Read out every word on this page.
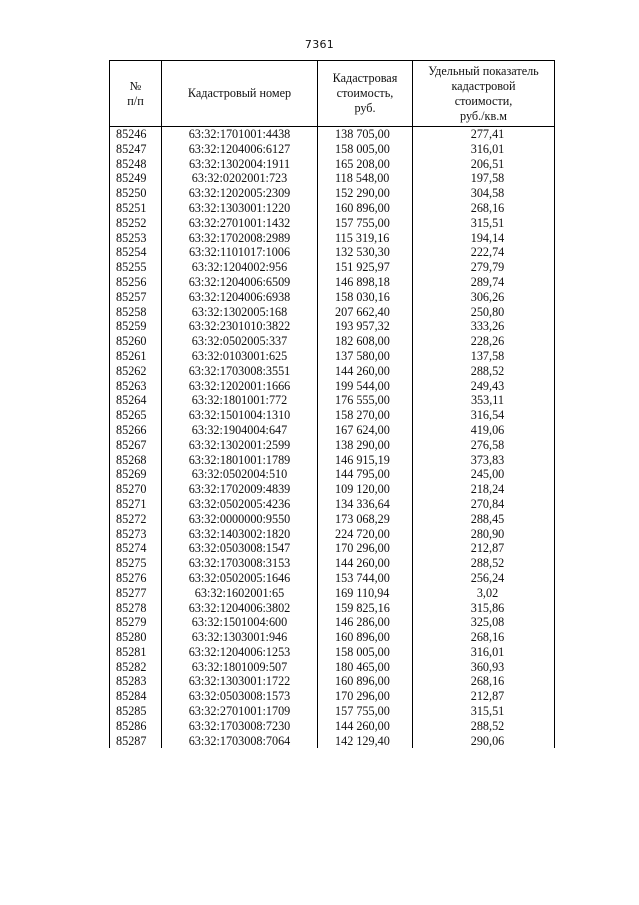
7361
№
п/п	Кадастровый номер	Кадастровая
стоимость,
руб.	Удельный показатель
кадастровой
стоимости,
руб./кв.м
85246	63:32:1701001:4438	138 705,00	277,41
85247	63:32:1204006:6127	158 005,00	316,01
85248	63:32:1302004:1911	165 208,00	206,51
85249	63:32:0202001:723	118 548,00	197,58
85250	63:32:1202005:2309	152 290,00	304,58
85251	63:32:1303001:1220	160 896,00	268,16
85252	63:32:2701001:1432	157 755,00	315,51
85253	63:32:1702008:2989	115 319,16	194,14
85254	63:32:1101017:1006	132 530,30	222,74
85255	63:32:1204002:956	151 925,97	279,79
85256	63:32:1204006:6509	146 898,18	289,74
85257	63:32:1204006:6938	158 030,16	306,26
85258	63:32:1302005:168	207 662,40	250,80
85259	63:32:2301010:3822	193 957,32	333,26
85260	63:32:0502005:337	182 608,00	228,26
85261	63:32:0103001:625	137 580,00	137,58
85262	63:32:1703008:3551	144 260,00	288,52
85263	63:32:1202001:1666	199 544,00	249,43
85264	63:32:1801001:772	176 555,00	353,11
85265	63:32:1501004:1310	158 270,00	316,54
85266	63:32:1904004:647	167 624,00	419,06
85267	63:32:1302001:2599	138 290,00	276,58
85268	63:32:1801001:1789	146 915,19	373,83
85269	63:32:0502004:510	144 795,00	245,00
85270	63:32:1702009:4839	109 120,00	218,24
85271	63:32:0502005:4236	134 336,64	270,84
85272	63:32:0000000:9550	173 068,29	288,45
85273	63:32:1403002:1820	224 720,00	280,90
85274	63:32:0503008:1547	170 296,00	212,87
85275	63:32:1703008:3153	144 260,00	288,52
85276	63:32:0502005:1646	153 744,00	256,24
85277	63:32:1602001:65	169 110,94	3,02
85278	63:32:1204006:3802	159 825,16	315,86
85279	63:32:1501004:600	146 286,00	325,08
85280	63:32:1303001:946	160 896,00	268,16
85281	63:32:1204006:1253	158 005,00	316,01
85282	63:32:1801009:507	180 465,00	360,93
85283	63:32:1303001:1722	160 896,00	268,16
85284	63:32:0503008:1573	170 296,00	212,87
85285	63:32:2701001:1709	157 755,00	315,51
85286	63:32:1703008:7230	144 260,00	288,52
85287	63:32:1703008:7064	142 129,40	290,06
